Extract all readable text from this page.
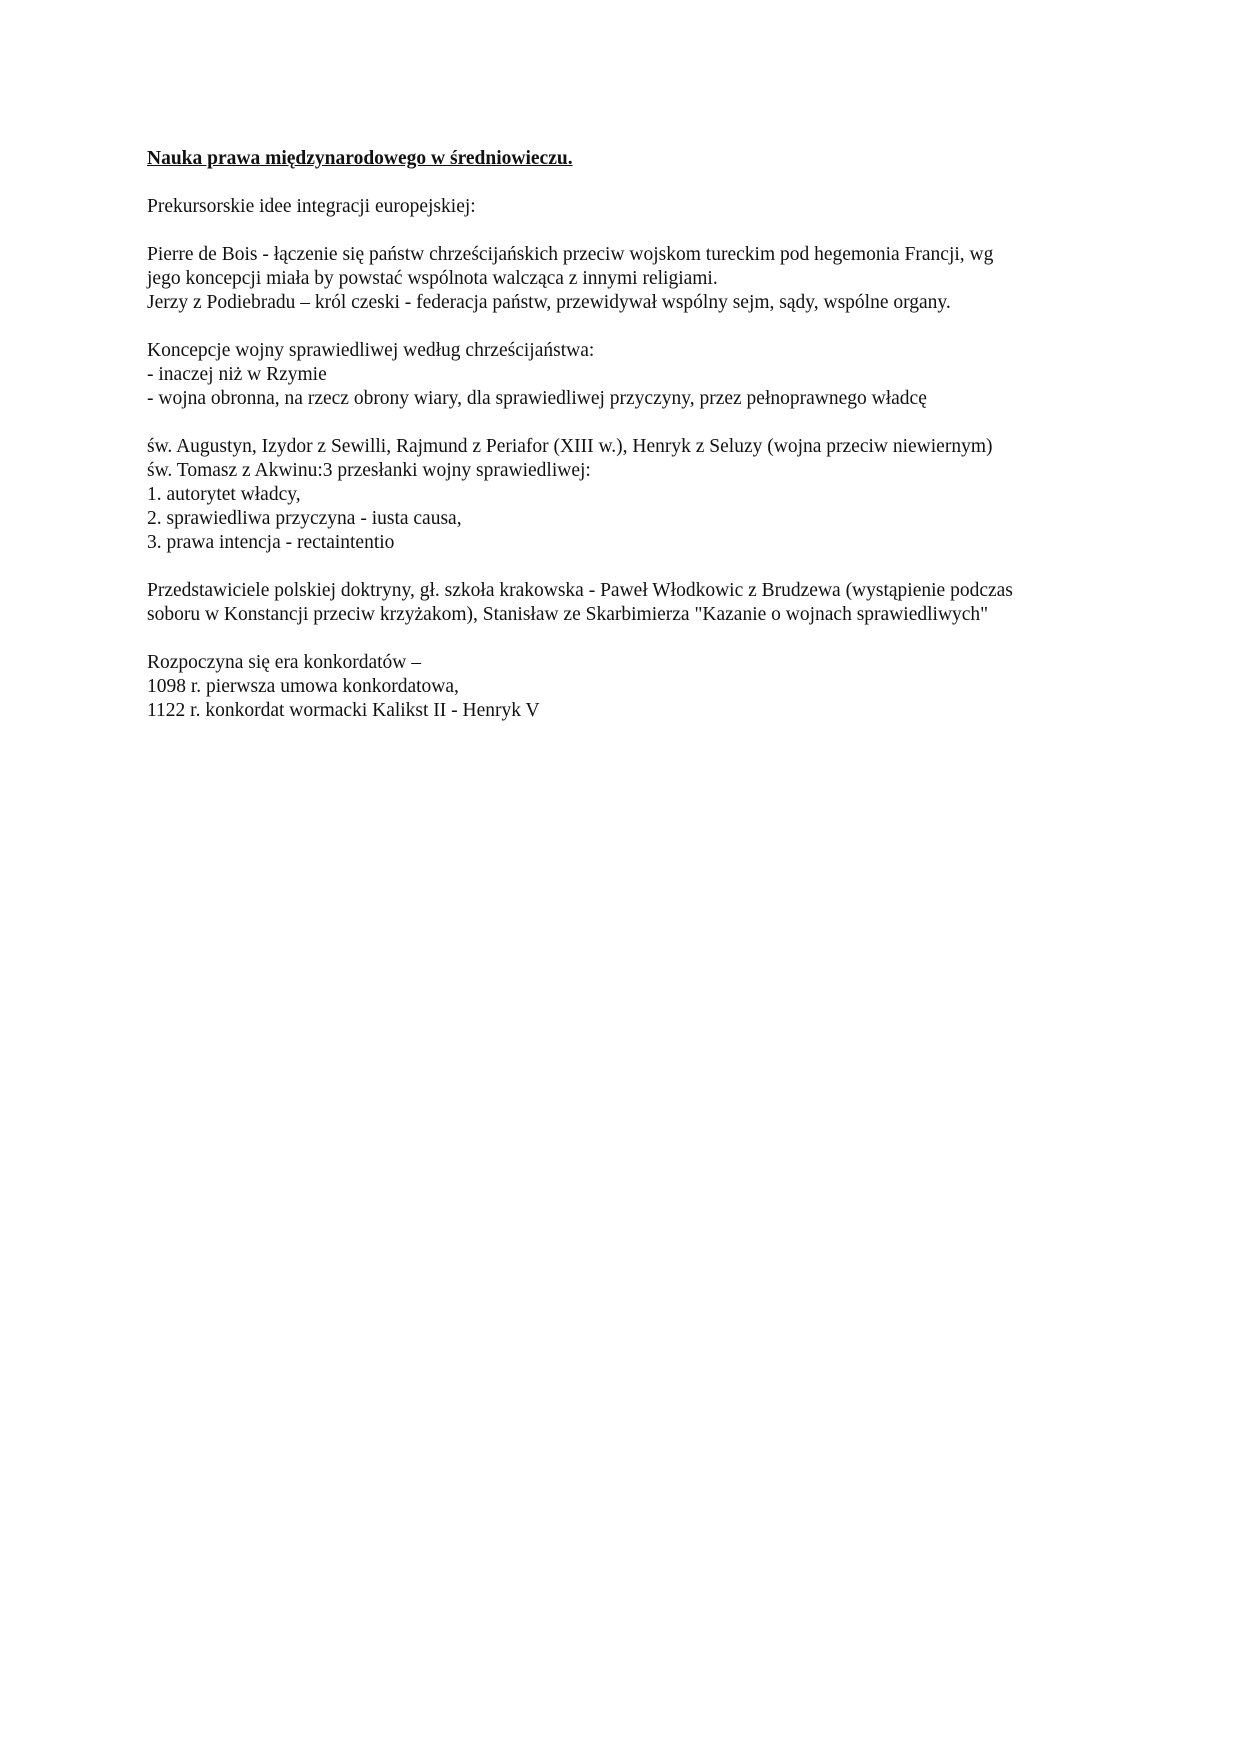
Nauka prawa międzynarodowego w średniowieczu.
Prekursorskie idee integracji europejskiej:
Pierre de Bois - łączenie się państw chrześcijańskich przeciw wojskom tureckim pod hegemonia Francji, wg
jego koncepcji miała by powstać wspólnota walcząca z innymi religiami.
Jerzy z Podiebradu – król czeski - federacja państw, przewidywał wspólny sejm, sądy, wspólne organy.
Koncepcje wojny sprawiedliwej według chrześcijaństwa:
- inaczej niż w Rzymie
- wojna obronna, na rzecz obrony wiary, dla sprawiedliwej przyczyny, przez pełnoprawnego władcę
św. Augustyn, Izydor z Sewilli, Rajmund z Periafor (XIII w.), Henryk z Seluzy (wojna przeciw niewiernym)
św. Tomasz z Akwinu:3 przesłanki wojny sprawiedliwej:
1. autorytet władcy,
2. sprawiedliwa przyczyna - iusta causa,
3. prawa intencja - rectaintentio
Przedstawiciele polskiej doktryny, gł. szkoła krakowska - Paweł Włodkowic z Brudzewa (wystąpienie podczas
soboru w Konstancji przeciw krzyżakom), Stanisław ze Skarbimierza "Kazanie o wojnach sprawiedliwych"
Rozpoczyna się era konkordatów –
1098 r. pierwsza umowa konkordatowa,
1122 r. konkordat wormacki Kalikst II - Henryk V
